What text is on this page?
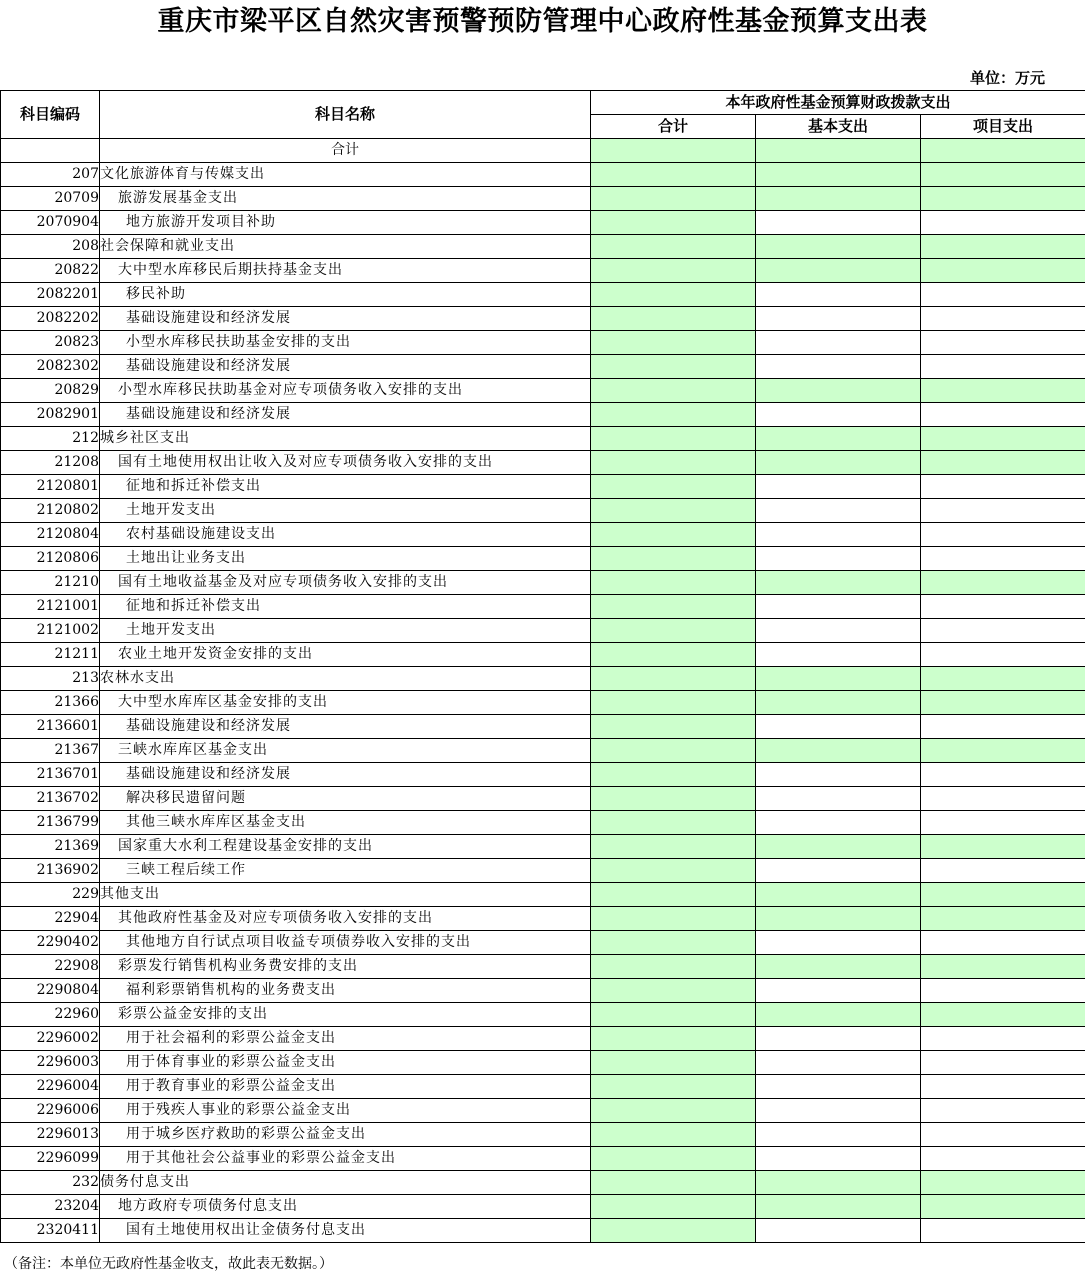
重庆市梁平区自然灾害预警预防管理中心政府性基金预算支出表
单位：万元
科目编码	科目名称	本年政府性基金预算财政拨款支出		
		合计	基本支出	项目支出
	合计			
207	文化旅游体育与传媒支出			
20709	旅游发展基金支出			
2070904	地方旅游开发项目补助			
208	社会保障和就业支出			
20822	大中型水库移民后期扶持基金支出			
2082201	移民补助			
2082202	基础设施建设和经济发展			
20823	小型水库移民扶助基金安排的支出			
2082302	基础设施建设和经济发展			
20829	小型水库移民扶助基金对应专项债务收入安排的支出			
2082901	基础设施建设和经济发展			
212	城乡社区支出			
21208	国有土地使用权出让收入及对应专项债务收入安排的支出			
2120801	征地和拆迁补偿支出			
2120802	土地开发支出			
2120804	农村基础设施建设支出			
2120806	土地出让业务支出			
21210	国有土地收益基金及对应专项债务收入安排的支出			
2121001	征地和拆迁补偿支出			
2121002	土地开发支出			
21211	农业土地开发资金安排的支出			
213	农林水支出			
21366	大中型水库库区基金安排的支出			
2136601	基础设施建设和经济发展			
21367	三峡水库库区基金支出			
2136701	基础设施建设和经济发展			
2136702	解决移民遗留问题			
2136799	其他三峡水库库区基金支出			
21369	国家重大水利工程建设基金安排的支出			
2136902	三峡工程后续工作			
229	其他支出			
22904	其他政府性基金及对应专项债务收入安排的支出			
2290402	其他地方自行试点项目收益专项债券收入安排的支出			
22908	彩票发行销售机构业务费安排的支出			
2290804	福利彩票销售机构的业务费支出			
22960	彩票公益金安排的支出			
2296002	用于社会福利的彩票公益金支出			
2296003	用于体育事业的彩票公益金支出			
2296004	用于教育事业的彩票公益金支出			
2296006	用于残疾人事业的彩票公益金支出			
2296013	用于城乡医疗救助的彩票公益金支出			
2296099	用于其他社会公益事业的彩票公益金支出			
232	债务付息支出			
23204	地方政府专项债务付息支出			
2320411	国有土地使用权出让金债务付息支出			
（备注：本单位无政府性基金收支，故此表无数据。）
